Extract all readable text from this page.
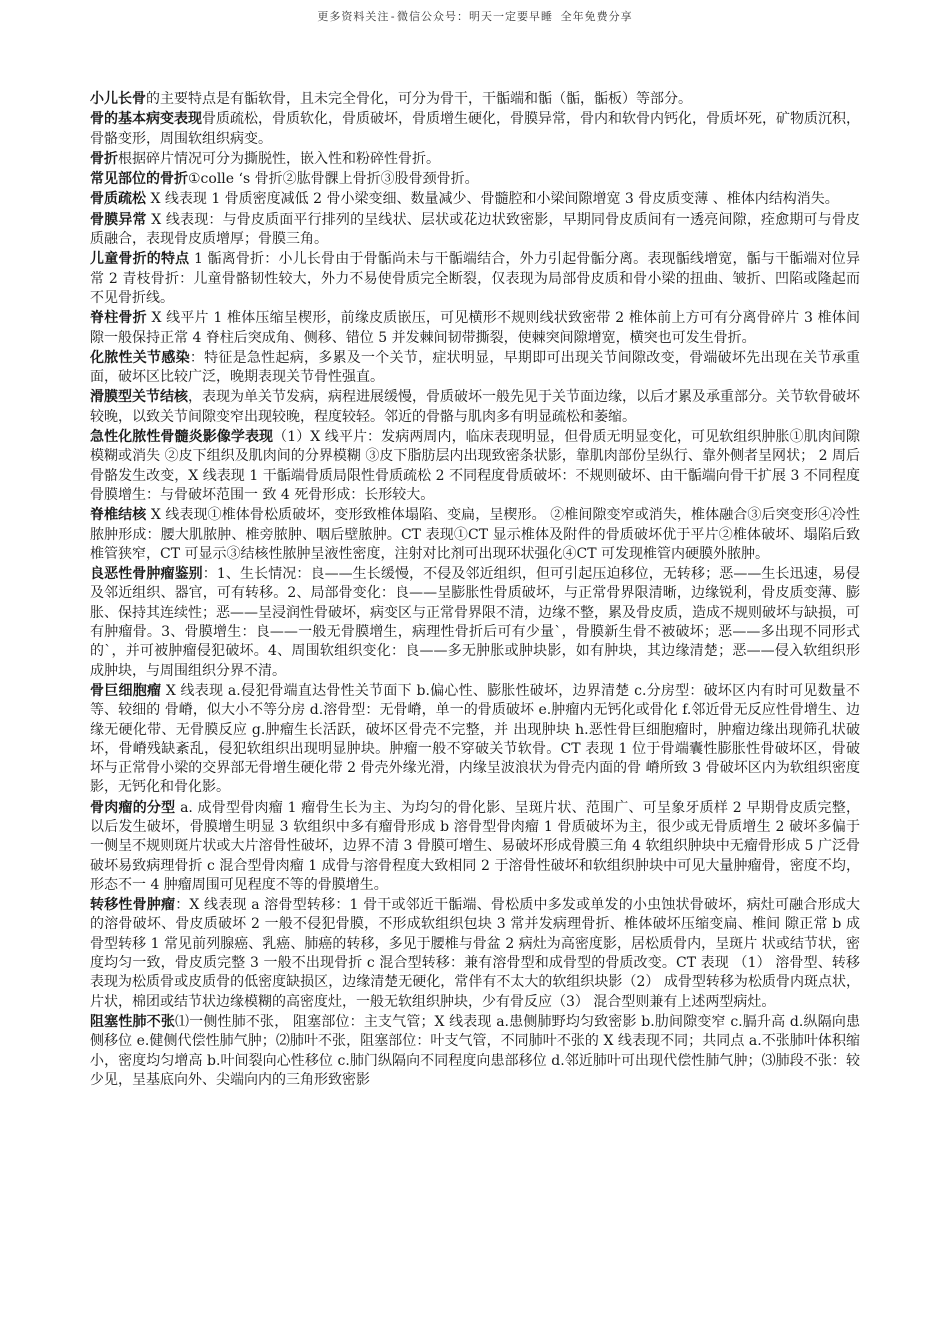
更多资料关注-微信公众号：明天一定要早睡 全年免费分享

小儿长骨的主要特点是有骺软骨，且未完全骨化，可分为骨干，干骺端和骺（骺，骺板）等部分。

骨的基本病变表现骨质疏松，骨质软化，骨质破坏，骨质增生硬化，骨膜异常，骨内和软骨内钙化，骨质坏死，矿物质沉积，骨骼变形，周围软组织病变。

骨折根据碎片情况可分为撕脱性，嵌入性和粉碎性骨折。

常见部位的骨折①colle ‘s 骨折②肱骨髁上骨折③股骨颈骨折。

骨质疏松 X 线表现 1 骨质密度减低 2 骨小梁变细、数量减少、骨髓腔和小梁间隙增宽 3 骨皮质变薄 、椎体内结构消失。

骨膜异常 X 线表现：与骨皮质面平行排列的呈线状、层状或花边状致密影，早期同骨皮质间有一透亮间隙，痊愈期可与骨皮质融合，表现骨皮质增厚；骨膜三角。

儿童骨折的特点 1 骺离骨折：小儿长骨由于骨骺尚未与干骺端结合，外力引起骨骺分离。表现骺线增宽，骺与干骺端对位异常 2 青枝骨折：儿童骨骼韧性较大，外力不易使骨质完全断裂，仅表现为局部骨皮质和骨小梁的扭曲、皱折、凹陷或隆起而不见骨折线。

脊柱骨折 X 线平片 1 椎体压缩呈楔形，前缘皮质嵌压，可见横形不规则线状致密带 2 椎体前上方可有分离骨碎片 3 椎体间隙一般保持正常 4 脊柱后突成角、侧移、错位 5 并发棘间韧带撕裂，使棘突间隙增宽，横突也可发生骨折。

化脓性关节感染：特征是急性起病，多累及一个关节，症状明显，早期即可出现关节间隙改变，骨端破坏先出现在关节承重面，破坏区比较广泛，晚期表现关节骨性强直。

滑膜型关节结核，表现为单关节发病，病程进展缓慢，骨质破坏一般先见于关节面边缘，以后才累及承重部分。关节软骨破坏较晚，以致关节间隙变窄出现较晚，程度较轻。邻近的骨骼与肌肉多有明显疏松和萎缩。

急性化脓性骨髓炎影像学表现（1）X 线平片：发病两周内，临床表现明显，但骨质无明显变化，可见软组织肿胀①肌肉间隙模糊或消失 ②皮下组织及肌肉间的分界模糊 ③皮下脂肪层内出现致密条状影，靠肌肉部份呈纵行、靠外侧者呈网状； 2 周后骨骼发生改变，X 线表现 1 干骺端骨质局限性骨质疏松 2 不同程度骨质破坏：不规则破坏、由干骺端向骨干扩展 3 不同程度骨膜增生：与骨破坏范围一 致 4 死骨形成：长形较大。

脊椎结核 X 线表现①椎体骨松质破坏，变形致椎体塌陷、变扁，呈楔形。 ②椎间隙变窄或消失，椎体融合③后突变形④冷性脓肿形成：腰大肌脓肿、椎旁脓肿、咽后壁脓肿。CT 表现①CT 显示椎体及附件的骨质破坏优于平片②椎体破坏、塌陷后致椎管狭窄，CT 可显示③结核性脓肿呈液性密度，注射对比剂可出现环状强化④CT 可发现椎管内硬膜外脓肿。

良恶性骨肿瘤鉴别：1、生长情况：良——生长缓慢，不侵及邻近组织，但可引起压迫移位，无转移；恶——生长迅速，易侵及邻近组织、器官，可有转移。2、局部骨变化：良——呈膨胀性骨质破坏，与正常骨界限清晰，边缘锐利，骨皮质变薄、膨胀、保持其连续性；恶——呈浸润性骨破坏，病变区与正常骨界限不清，边缘不整，累及骨皮质，造成不规则破坏与缺损，可有肿瘤骨。3、骨膜增生：良——一般无骨膜增生，病理性骨折后可有少量`，骨膜新生骨不被破坏；恶——多出现不同形式的`，并可被肿瘤侵犯破坏。4、周围软组织变化：良——多无肿胀或肿块影，如有肿块，其边缘清楚；恶——侵入软组织形成肿块，与周围组织分界不清。

骨巨细胞瘤 X 线表现 a.侵犯骨端直达骨性关节面下 b.偏心性、膨胀性破坏，边界清楚 c.分房型：破坏区内有时可见数量不等、较细的 骨嵴，似大小不等分房 d.溶骨型：无骨嵴，单一的骨质破坏 e.肿瘤内无钙化或骨化 f.邻近骨无反应性骨增生、边缘无硬化带、无骨膜反应 g.肿瘤生长活跃，破坏区骨壳不完整，并 出现肿块 h.恶性骨巨细胞瘤时，肿瘤边缘出现筛孔状破坏，骨嵴残缺紊乱，侵犯软组织出现明显肿块。肿瘤一般不穿破关节软骨。CT 表现 1 位于骨端囊性膨胀性骨破坏区，骨破坏与正常骨小梁的交界部无骨增生硬化带 2 骨壳外缘光滑，内缘呈波浪状为骨壳内面的骨 嵴所致 3 骨破坏区内为软组织密度影，无钙化和骨化影。

骨肉瘤的分型 a. 成骨型骨肉瘤 1 瘤骨生长为主、为均匀的骨化影、呈斑片状、范围广、可呈象牙质样 2 早期骨皮质完整，以后发生破坏，骨膜增生明显 3 软组织中多有瘤骨形成 b 溶骨型骨肉瘤 1 骨质破坏为主，很少或无骨质增生 2 破坏多偏于一侧呈不规则斑片状或大片溶骨性破坏，边界不清 3 骨膜可增生、易破坏形成骨膜三角 4 软组织肿块中无瘤骨形成 5 广泛骨破坏易致病理骨折 c 混合型骨肉瘤 1 成骨与溶骨程度大致相同 2 于溶骨性破坏和软组织肿块中可见大量肿瘤骨，密度不均，形态不一 4 肿瘤周围可见程度不等的骨膜增生。

转移性骨肿瘤：X 线表现 a 溶骨型转移：1 骨干或邻近干骺端、骨松质中多发或单发的小虫蚀状骨破坏，病灶可融合形成大的溶骨破坏、骨皮质破坏 2 一般不侵犯骨膜，不形成软组织包块 3 常并发病理骨折、椎体破坏压缩变扁、椎间 隙正常 b 成骨型转移 1 常见前列腺癌、乳癌、肺癌的转移，多见于腰椎与骨盆 2 病灶为高密度影，居松质骨内，呈斑片 状或结节状，密度均匀一致，骨皮质完整 3 一般不出现骨折 c 混合型转移：兼有溶骨型和成骨型的骨质改变。CT 表现 （1） 溶骨型、转移表现为松质骨或皮质骨的低密度缺损区，边缘清楚无硬化，常伴有不太大的软组织块影（2） 成骨型转移为松质骨内斑点状，片状，棉团或结节状边缘模糊的高密度灶，一般无软组织肿块，少有骨反应（3） 混合型则兼有上述两型病灶。

阻塞性肺不张⑴一侧性肺不张， 阻塞部位：主支气管；X 线表现 a.患侧肺野均匀致密影 b.肋间隙变窄 c.膈升高 d.纵隔向患侧移位 e.健侧代偿性肺气肿；⑵肺叶不张，阻塞部位：叶支气管，不同肺叶不张的 X 线表现不同；共同点 a.不张肺叶体积缩小，密度均匀增高 b.叶间裂向心性移位 c.肺门纵隔向不同程度向患部移位 d.邻近肺叶可出现代偿性肺气肿；⑶肺段不张：较少见，呈基底向外、尖端向内的三角形致密影
